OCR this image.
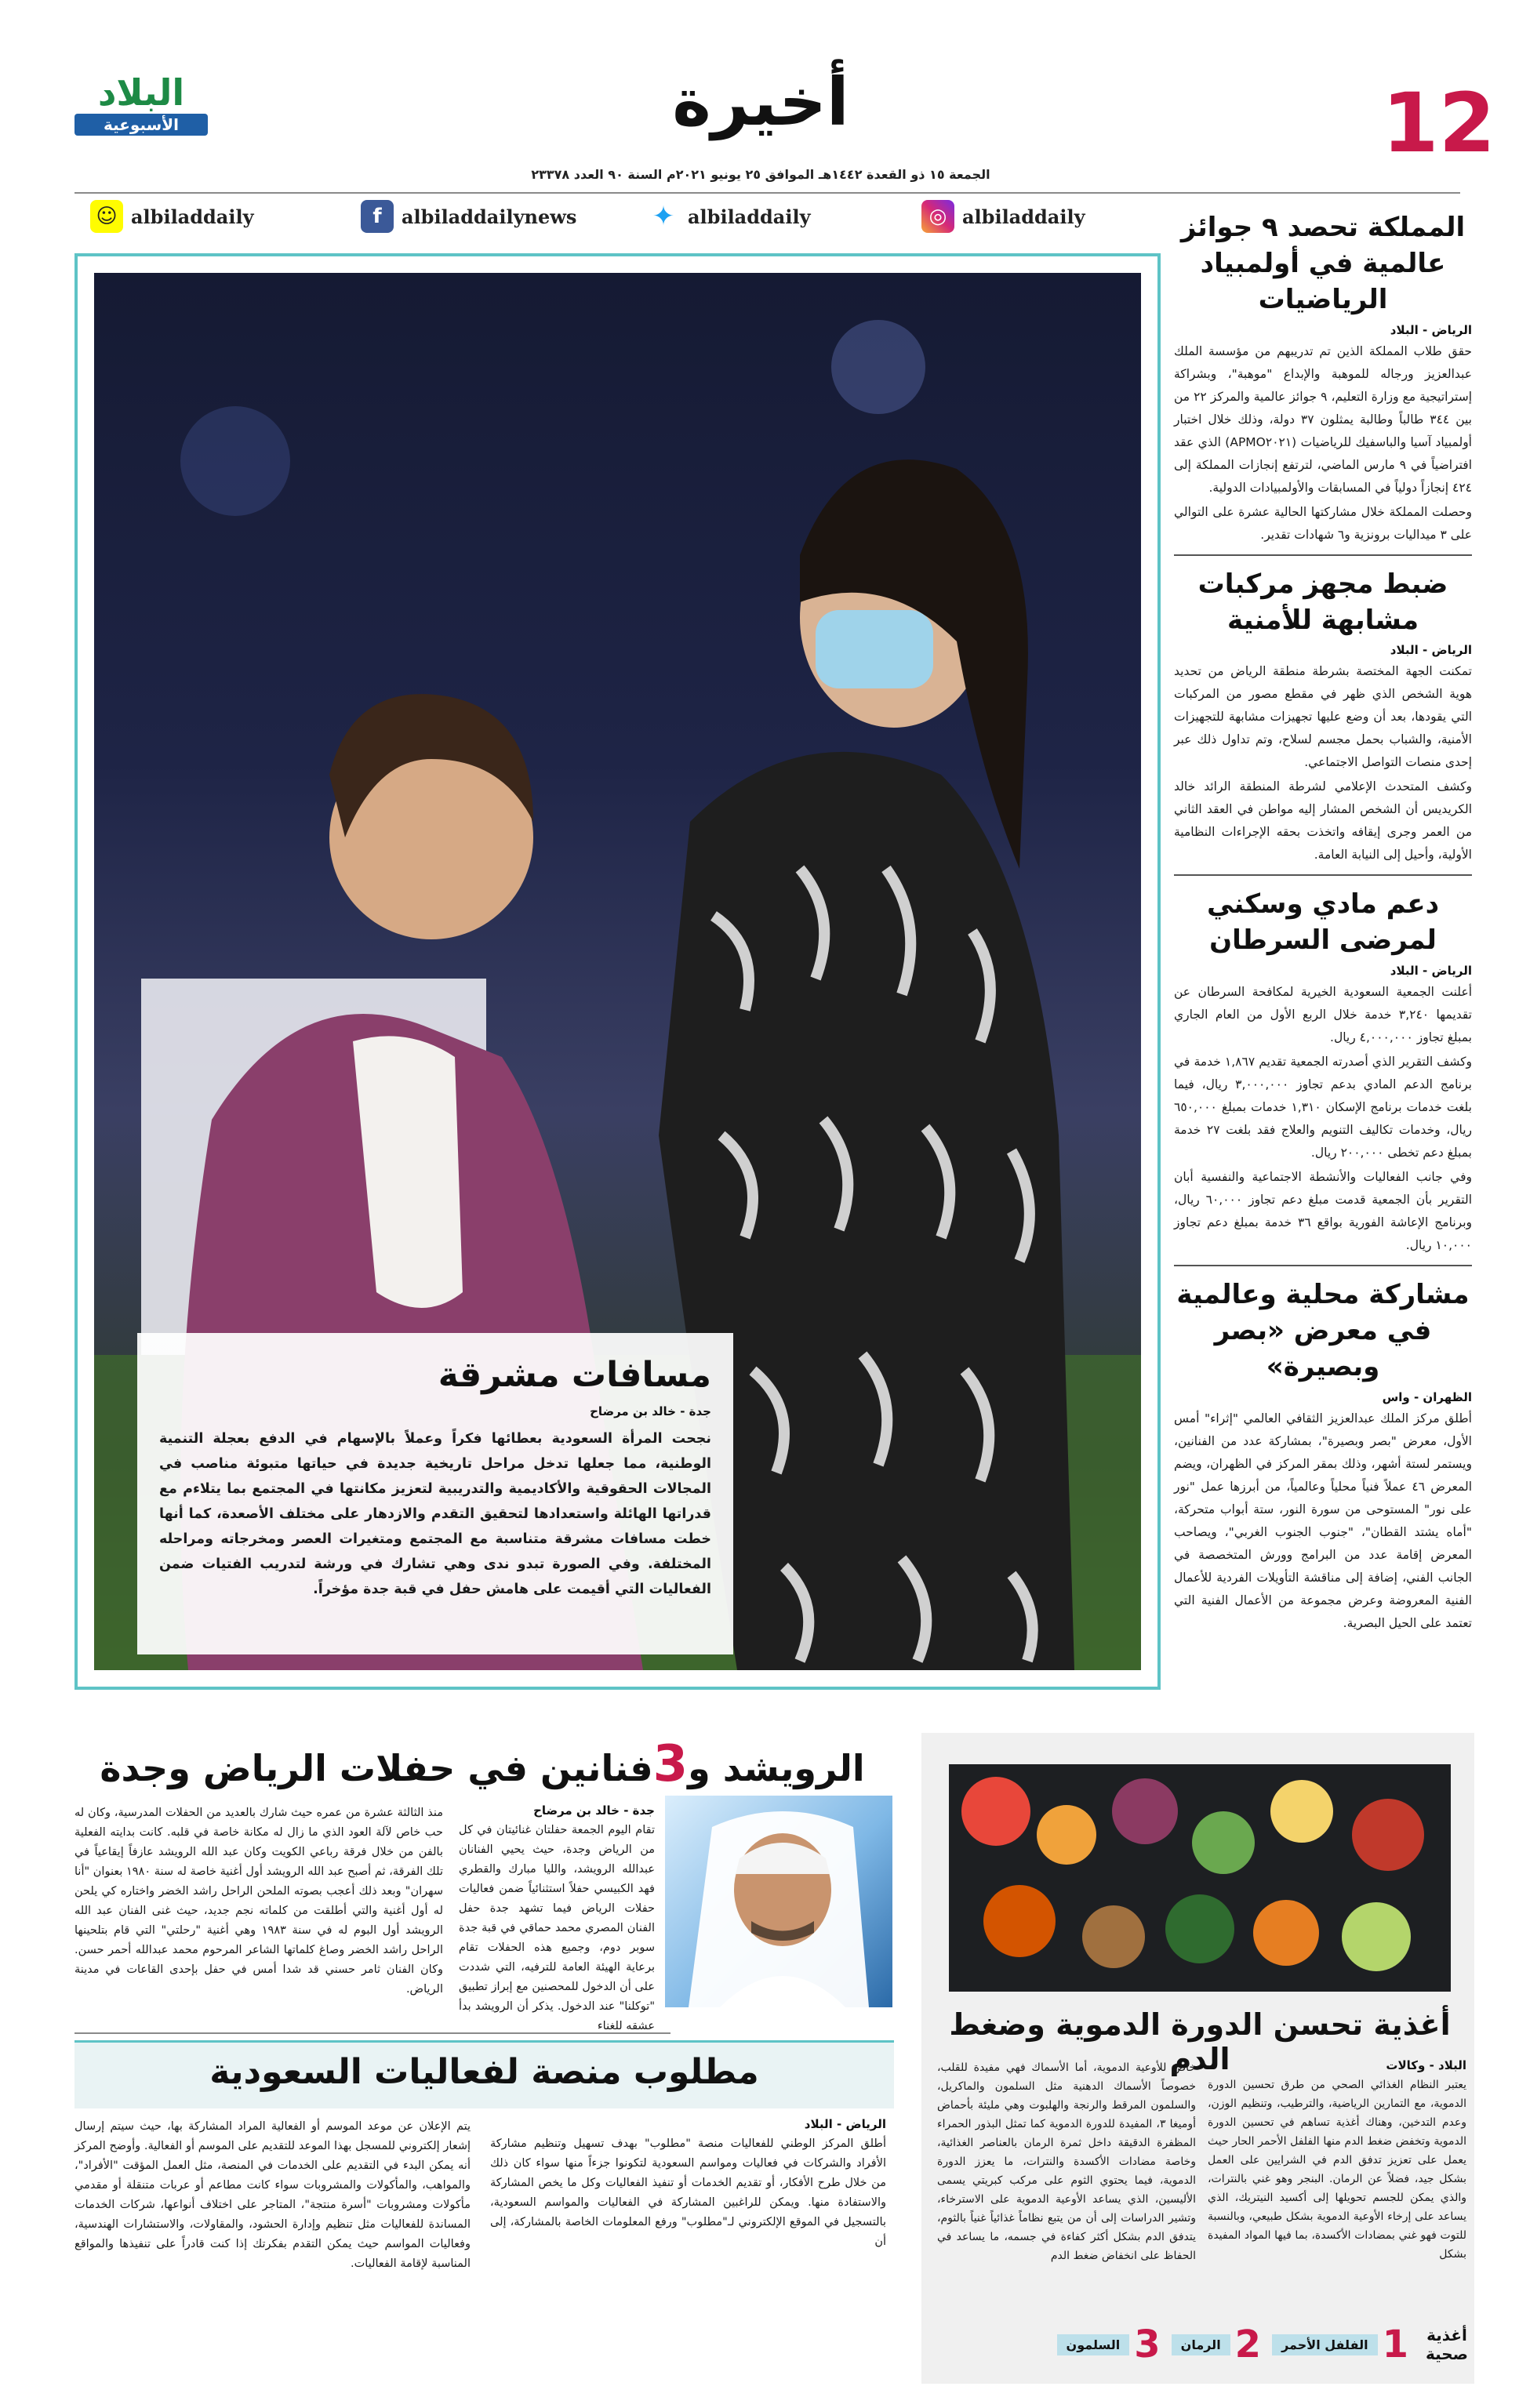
12
أخيرة
الجمعة ١٥ ذو القعدة ١٤٤٢هـ الموافق ٢٥ يونيو ٢٠٢١م السنة ٩٠ العدد ٢٣٣٧٨
البلاد
الأسبوعية
◎ albiladdaily
✦ albiladdaily
f	albiladdailynews
☺ albiladdaily
مسافات مشرقة
جدة - خالد بن مرضاح
نجحت المرأة السعودية بعطائها فكراً وعملاً بالإسهام في الدفع بعجلة التنمية الوطنية، مما جعلها تدخل مراحل تاريخية جديدة في حياتها متبوئة مناصب في المجالات الحقوقية والأكاديمية والتدريبية لتعزيز مكانتها في المجتمع بما يتلاءم مع قدراتها الهائلة واستعدادها لتحقيق التقدم والازدهار على مختلف الأصعدة، كما أنها خطت مسافات مشرقة متناسبة مع المجتمع ومتغيرات العصر ومخرجاته ومراحله المختلفة. وفي الصورة تبدو ندى وهي تشارك في ورشة لتدريب الفتيات ضمن الفعاليات التي أقيمت على هامش حفل في قبة جدة مؤخراً.
المملكة تحصد ٩ جوائز عالمية في أولمبياد الرياضيات
الرياض - البلاد

حقق طلاب المملكة الذين تم تدريبهم من مؤسسة الملك عبدالعزيز ورجاله للموهبة والإبداع "موهبة"، وبشراكة إستراتيجية مع وزارة التعليم، ٩ جوائز عالمية والمركز ٢٢ من بين ٣٤٤ طالباً وطالبة يمثلون ٣٧ دولة، وذلك خلال اختبار أولمبياد آسيا والباسفيك للرياضيات (APMO٢٠٢١) الذي عقد افتراضياً في ٩ مارس الماضي، لترتفع إنجازات المملكة إلى ٤٢٤ إنجازاً دولياً في المسابقات والأولمبيادات الدولية.

وحصلت المملكة خلال مشاركتها الحالية عشرة على التوالي على ٣ ميداليات برونزية و٦ شهادات تقدير.

ضبط مجهز مركبات مشابهة للأمنية
الرياض - البلاد

تمكنت الجهة المختصة بشرطة منطقة الرياض من تحديد هوية الشخص الذي ظهر في مقطع مصور من المركبات التي يقودها، بعد أن وضع عليها تجهيزات مشابهة للتجهيزات الأمنية، والشباب بحمل مجسم لسلاح، وتم تداول ذلك عبر إحدى منصات التواصل الاجتماعي.

وكشف المتحدث الإعلامي لشرطة المنطقة الرائد خالد الكريديس أن الشخص المشار إليه مواطن في العقد الثاني من العمر وجرى إيقافه واتخذت بحقه الإجراءات النظامية الأولية، وأحيل إلى النيابة العامة.

دعم مادي وسكني لمرضى السرطان
الرياض - البلاد

أعلنت الجمعية السعودية الخيرية لمكافحة السرطان عن تقديمها ٣,٢٤٠ خدمة خلال الربع الأول من العام الجاري بمبلغ تجاوز ٤,٠٠٠,٠٠٠ ريال.

وكشف التقرير الذي أصدرته الجمعية تقديم ١,٨٦٧ خدمة في برنامج الدعم المادي بدعم تجاوز ٣,٠٠٠,٠٠٠ ريال، فيما بلغت خدمات برنامج الإسكان ١,٣١٠ خدمات بمبلغ ٦٥٠,٠٠٠ ريال، وخدمات تكاليف التنويم والعلاج فقد بلغت ٢٧ خدمة بمبلغ دعم تخطى ٢٠٠,٠٠٠ ريال.

وفي جانب الفعاليات والأنشطة الاجتماعية والنفسية أبان التقرير بأن الجمعية قدمت مبلغ دعم تجاوز ٦٠,٠٠٠ ريال، وبرنامج الإعاشة الفورية بواقع ٣٦ خدمة بمبلغ دعم تجاوز ١٠,٠٠٠ ريال.

مشاركة محلية وعالمية في معرض «بصر وبصيرة»
الظهران - واس

أطلق مركز الملك عبدالعزيز الثقافي العالمي "إثراء" أمس الأول، معرض "بصر وبصيرة"، بمشاركة عدد من الفنانين، ويستمر لستة أشهر، وذلك بمقر المركز في الظهران، ويضم المعرض ٤٦ عملاً فنياً محلياً وعالمياً، من أبرزها عمل "نور على نور" المستوحى من سورة النور، ستة أبواب متحركة، "أماه يشتد القطان"، "جنوب الجنوب الغربي"، ويصاحب المعرض إقامة عدد من البرامج وورش المتخصصة في الجانب الفني، إضافة إلى مناقشة التأويلات الفردية للأعمال الفنية المعروضة وعرض مجموعة من الأعمال الفنية التي تعتمد على الحيل البصرية.

الرويشد و3فنانين في حفلات الرياض وجدة
جدة - خالد بن مرضاح
تقام اليوم الجمعة حفلتان غنائيتان في كل من الرياض وجدة، حيث يحيي الفنانان عبدالله الرويشد، والليا مبارك والقطري فهد الكبيسي حفلاً استثنائياً ضمن فعاليات حفلات الرياض فيما تشهد جدة حفل الفنان المصري محمد حماقي في قبة جدة سوبر دوم، وجميع هذه الحفلات تقام برعاية الهيئة العامة للترفيه، التي شددت على أن الدخول للمحصنين مع إبراز تطبيق "توكلنا" عند الدخول. يذكر أن الرويشد بدأ عشقه للغناء
منذ الثالثة عشرة من عمره حيث شارك بالعديد من الحفلات المدرسية، وكان له حب خاص لآلة العود الذي ما زال له مكانة خاصة في قلبه. كانت بدايته الفعلية بالفن من خلال فرقة رباعي الكويت وكان عبد الله الرويشد عازفاً إيقاعياً في تلك الفرقة، ثم أصبح عبد الله الرويشد أول أغنية خاصة له سنة ١٩٨٠ بعنوان "أنا سهران" وبعد ذلك أعجب بصوته الملحن الراحل راشد الخضر واختاره كي يلحن له أول أغنية والتي أطلقت من كلماته نجم جديد، حيث غنى الفنان عبد الله الرويشد أول البوم له في سنة ١٩٨٣ وهي أغنية "رحلتي" التي قام بتلحينها الراحل راشد الخضر وصاغ كلماتها الشاعر المرحوم محمد عبدالله أحمر حسن. وكان الفنان ثامر حسني قد شدا أمس في حفل بإحدى القاعات في مدينة الرياض.
مطلوب منصة لفعاليات السعودية
الرياض - البلاد
أطلق المركز الوطني للفعاليات منصة "مطلوب" بهدف تسهيل وتنظيم مشاركة الأفراد والشركات في فعاليات ومواسم السعودية لتكونوا جزءاً منها سواء كان ذلك من خلال طرح الأفكار، أو تقديم الخدمات أو تنفيذ الفعاليات وكل ما يخص المشاركة والاستفادة منها. ويمكن للراغبين المشاركة في الفعاليات والمواسم السعودية، بالتسجيل في الموقع الإلكتروني لـ"مطلوب" ورفع المعلومات الخاصة بالمشاركة، إلى أن
يتم الإعلان عن موعد الموسم أو الفعالية المراد المشاركة بها، حيث سيتم إرسال إشعار إلكتروني للمسجل بهذا الموعد للتقديم على الموسم أو الفعالية. وأوضح المركز أنه يمكن البدء في التقديم على الخدمات في المنصة، مثل العمل المؤقت "الأفراد"، والمواهب، والمأكولات والمشروبات سواء كانت مطاعم أو عربات متنقلة أو مقدمي مأكولات ومشروبات "أسرة منتجة"، المتاجر على اختلاف أنواعها، شركات الخدمات المساندة للفعاليات مثل تنظيم وإدارة الحشود، والمقاولات، والاستشارات الهندسية، وفعاليات المواسم حيث يمكن التقدم بفكرتك إذا كنت قادراً على تنفيذها والمواقع المناسبة لإقامة الفعاليات.
أغذية تحسن الدورة الدموية وضغط الدم	البلاد - وكالات
يعتبر النظام الغذائي الصحي من طرق تحسين الدورة الدموية، مع التمارين الرياضية، والترطيب، وتنظيم الوزن، وعدم التدخين، وهناك أغذية تساهم في تحسين الدورة الدموية وتخفض ضغط الدم منها الفلفل الأحمر الحار حيث يعمل على تعزيز تدفق الدم في الشرايين على العمل بشكل جيد، فضلاً عن الرمان. البنجر وهو غني بالنترات، والذي يمكن للجسم تحويلها إلى أكسيد النيتريك، الذي يساعد على إرخاء الأوعية الدموية بشكل طبيعي، وبالنسبة للتوت فهو غني بمضادات الأكسدة، بما فيها المواد المفيدة بشكل
خاص للأوعية الدموية، أما الأسماك فهي مفيدة للقلب، خصوصاً الأسماك الدهنية مثل السلمون والماكريل، والسلمون المرقط والرنجة والهلبوت وهي مليئة بأحماض أوميغا ٣، المفيدة للدورة الدموية كما تمثل البذور الحمراء المظفرة الدقيقة داخل ثمرة الرمان بالعناصر الغذائية، وخاصة مضادات الأكسدة والنترات، ما يعزز الدورة الدموية، فيما يحتوي الثوم على مركب كبريتي يسمى الأليسين، الذي يساعد الأوعية الدموية على الاسترخاء، وتشير الدراسات إلى أن من يتبع نظاماً غذائياً غنياً بالثوم، يتدفق الدم بشكل أكثر كفاءة في جسمه، ما يساعد في الحفاظ على انخفاض ضغط الدم
أغذية صحية
1
الفلفل الأحمر
2
الرمان
3
السلمون
